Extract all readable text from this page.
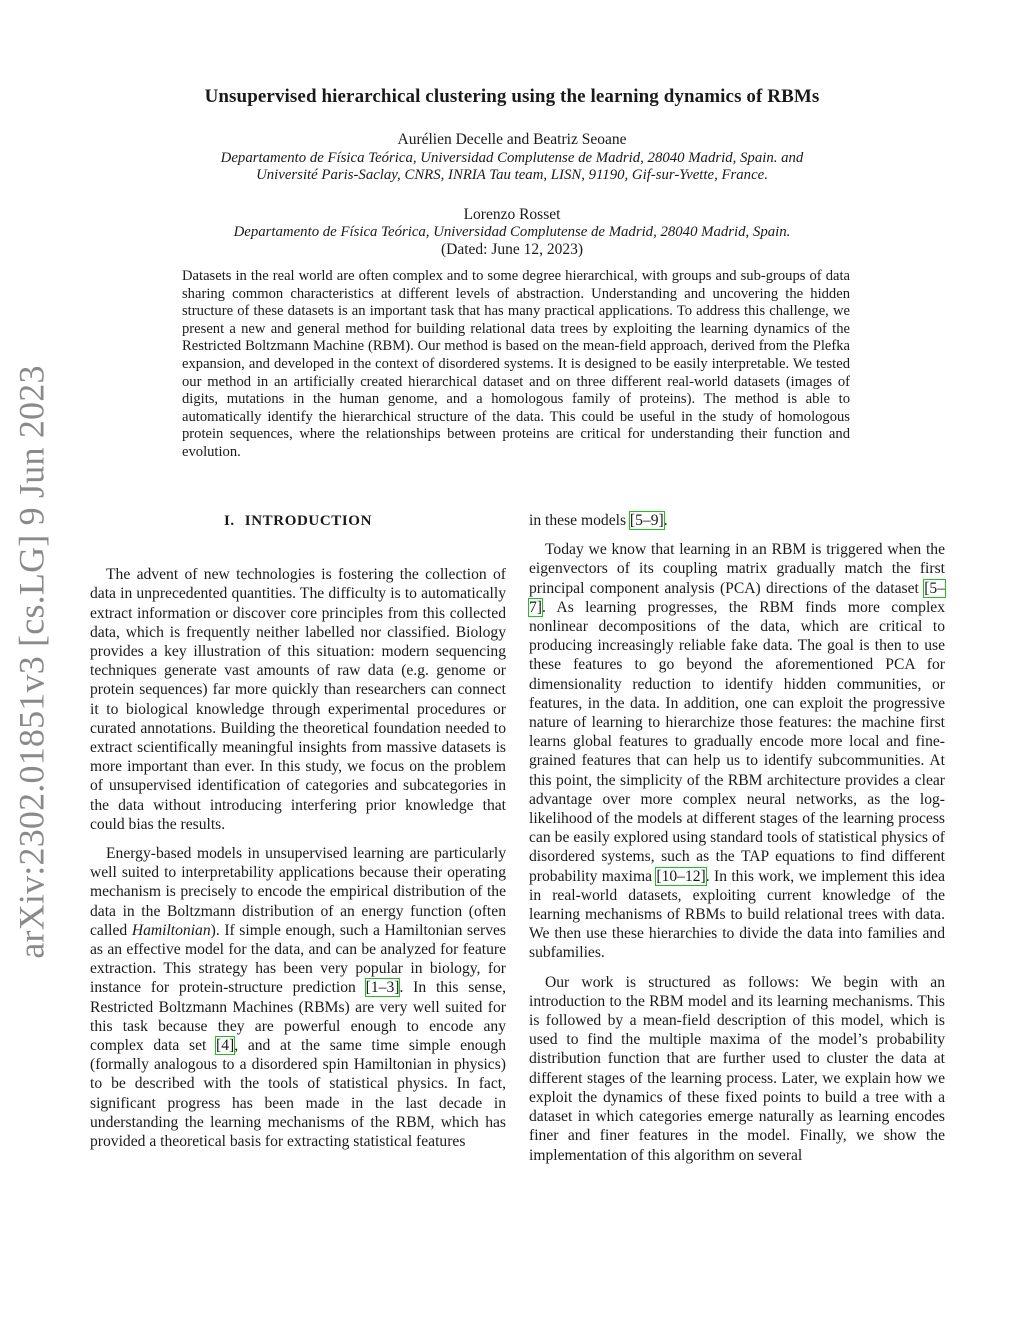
arXiv:2302.01851v3 [cs.LG] 9 Jun 2023
Unsupervised hierarchical clustering using the learning dynamics of RBMs
Aurélien Decelle and Beatriz Seoane
Departamento de Física Teórica, Universidad Complutense de Madrid, 28040 Madrid, Spain. and
Université Paris-Saclay, CNRS, INRIA Tau team, LISN, 91190, Gif-sur-Yvette, France.
Lorenzo Rosset
Departamento de Física Teórica, Universidad Complutense de Madrid, 28040 Madrid, Spain.
(Dated: June 12, 2023)
Datasets in the real world are often complex and to some degree hierarchical, with groups and sub-groups of data sharing common characteristics at different levels of abstraction. Understanding and uncovering the hidden structure of these datasets is an important task that has many practical applications. To address this challenge, we present a new and general method for building relational data trees by exploiting the learning dynamics of the Restricted Boltzmann Machine (RBM). Our method is based on the mean-field approach, derived from the Plefka expansion, and developed in the context of disordered systems. It is designed to be easily interpretable. We tested our method in an artificially created hierarchical dataset and on three different real-world datasets (images of digits, mutations in the human genome, and a homologous family of proteins). The method is able to automatically identify the hierarchical structure of the data. This could be useful in the study of homologous protein sequences, where the relationships between proteins are critical for understanding their function and evolution.
I. INTRODUCTION

The advent of new technologies is fostering the collection of data in unprecedented quantities. The difficulty is to automatically extract information or discover core principles from this collected data, which is frequently neither labelled nor classified. Biology provides a key illustration of this situation: modern sequencing techniques generate vast amounts of raw data (e.g. genome or protein sequences) far more quickly than researchers can connect it to biological knowledge through experimental procedures or curated annotations. Building the theoretical foundation needed to extract scientifically meaningful insights from massive datasets is more important than ever. In this study, we focus on the problem of unsupervised identification of categories and subcategories in the data without introducing interfering prior knowledge that could bias the results.

Energy-based models in unsupervised learning are particularly well suited to interpretability applications because their operating mechanism is precisely to encode the empirical distribution of the data in the Boltzmann distribution of an energy function (often called Hamiltonian). If simple enough, such a Hamiltonian serves as an effective model for the data, and can be analyzed for feature extraction. This strategy has been very popular in biology, for instance for protein-structure prediction [1–3]. In this sense, Restricted Boltzmann Machines (RBMs) are very well suited for this task because they are powerful enough to encode any complex data set [4], and at the same time simple enough (formally analogous to a disordered spin Hamiltonian in physics) to be described with the tools of statistical physics. In fact, significant progress has been made in the last decade in understanding the learning mechanisms of the RBM, which has provided a theoretical basis for extracting statistical features

in these models [5–9].

Today we know that learning in an RBM is triggered when the eigenvectors of its coupling matrix gradually match the first principal component analysis (PCA) directions of the dataset [5–7]. As learning progresses, the RBM finds more complex nonlinear decompositions of the data, which are critical to producing increasingly reliable fake data. The goal is then to use these features to go beyond the aforementioned PCA for dimensionality reduction to identify hidden communities, or features, in the data. In addition, one can exploit the progressive nature of learning to hierarchize those features: the machine first learns global features to gradually encode more local and fine-grained features that can help us to identify subcommunities. At this point, the simplicity of the RBM architecture provides a clear advantage over more complex neural networks, as the log-likelihood of the models at different stages of the learning process can be easily explored using standard tools of statistical physics of disordered systems, such as the TAP equations to find different probability maxima [10–12]. In this work, we implement this idea in real-world datasets, exploiting current knowledge of the learning mechanisms of RBMs to build relational trees with data. We then use these hierarchies to divide the data into families and subfamilies.

Our work is structured as follows: We begin with an introduction to the RBM model and its learning mechanisms. This is followed by a mean-field description of this model, which is used to find the multiple maxima of the model’s probability distribution function that are further used to cluster the data at different stages of the learning process. Later, we explain how we exploit the dynamics of these fixed points to build a tree with a dataset in which categories emerge naturally as learning encodes finer and finer features in the model. Finally, we show the implementation of this algorithm on several
